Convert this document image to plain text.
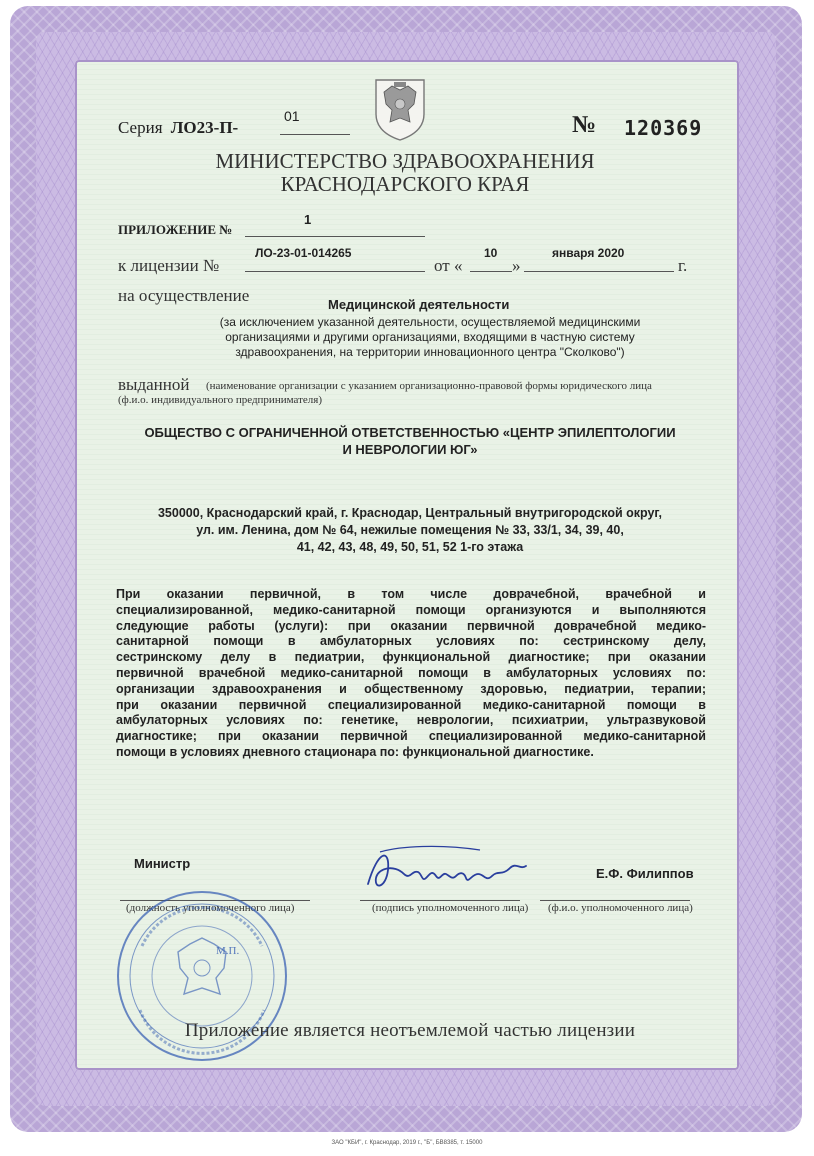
Серия ЛО23-П-
01	№ 120369
МИНИСТЕРСТВО ЗДРАВООХРАНЕНИЯ
КРАСНОДАРСКОГО КРАЯ
ПРИЛОЖЕНИЕ №
1
к лицензии №
ЛО-23-01-014265
от «
10
»
января 2020
г.
на осуществление	Медицинской деятельности
(за исключением указанной деятельности, осуществляемой медицинскими
организациями и другими организациями, входящими в частную систему
здравоохранения, на территории инновационного центра "Сколково")
выданной (наименование организации с указанием организационно-правовой формы юридического лица
(ф.и.о. индивидуального предпринимателя)
ОБЩЕСТВО С ОГРАНИЧЕННОЙ ОТВЕТСТВЕННОСТЬЮ «ЦЕНТР ЭПИЛЕПТОЛОГИИ
И НЕВРОЛОГИИ ЮГ»
350000, Краснодарский край, г. Краснодар, Центральный внутригородской округ,
ул. им. Ленина, дом № 64, нежилые помещения № 33, 33/1, 34, 39, 40,
41, 42, 43, 48, 49, 50, 51, 52 1-го этажа
При оказании первичной, в том числе доврачебной, врачебной и
специализированной, медико-санитарной помощи организуются и выполняются
следующие работы (услуги): при оказании первичной доврачебной медико-
санитарной помощи в амбулаторных условиях по: сестринскому делу,
сестринскому делу в педиатрии, функциональной диагностике; при оказании
первичной врачебной медико-санитарной помощи в амбулаторных условиях по:
организации здравоохранения и общественному здоровью, педиатрии, терапии;
при оказании первичной специализированной медико-санитарной помощи в
амбулаторных условиях по: генетике, неврологии, психиатрии, ультразвуковой
диагностике; при оказании первичной специализированной медико-санитарной
помощи в условиях дневного стационара по: функциональной диагностике.
Министр
Е.Ф. Филиппов
(должность уполномоченного лица)	(подпись уполномоченного лица) (ф.и.о. уполномоченного лица)
М.П.
Приложение является неотъемлемой частью лицензии
ЗАО "КБИ", г. Краснодар, 2019 г., "Б", БВ8385, т. 15000
